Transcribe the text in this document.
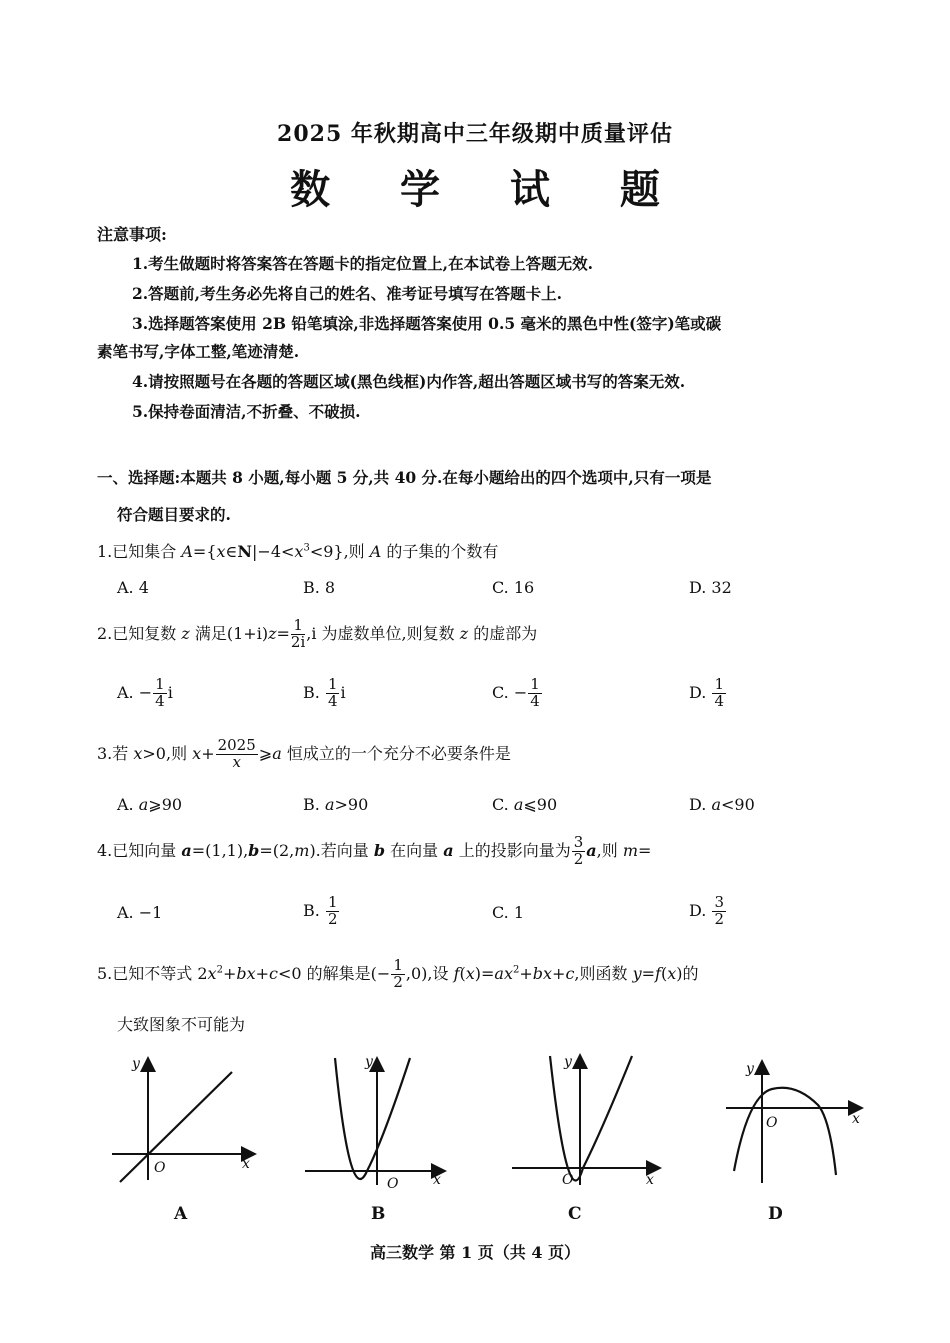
2025 年秋期高中三年级期中质量评估
数 学 试 题
注意事项:
1.考生做题时将答案答在答题卡的指定位置上,在本试卷上答题无效.
2.答题前,考生务必先将自己的姓名、准考证号填写在答题卡上.
3.选择题答案使用 2B 铅笔填涂,非选择题答案使用 0.5 毫米的黑色中性(签字)笔或碳
素笔书写,字体工整,笔迹清楚.
4.请按照题号在各题的答题区域(黑色线框)内作答,超出答题区域书写的答案无效.
5.保持卷面清洁,不折叠、不破损.
一、选择题:本题共 8 小题,每小题 5 分,共 40 分.在每小题给出的四个选项中,只有一项是
符合题目要求的.
1.已知集合 $A=\{x\in N|-4<x^3<9\}$,则 A 的子集的个数有
A. 4	B. 8	C. 16	D. 32
2.已知复数 z 满足$(1+i)z= \frac{1}{2i} ,i$ 为虚数单位,则复数 z 的虚部为
A. − $\frac{1}{4}$ i	B. $\frac{1}{4}$ i	C. − $\frac{1}{4}$	D. $\frac{1}{4}$
3.若 x>0,则 $x+ \frac{2025}{x}$ ⩾a 恒成立的一个充分不必要条件是
A. a⩾90	B. a>90	C. a⩽90	D. a<90
4.已知向量 a=(1,1),b=(2,m).若向量 b 在向量 a 上的投影向量为 $\frac{3}{2} a$,则 m=
A. −1	B. $\frac{1}{2}$	C. 1	D. $\frac{3}{2}$
5.已知不等式 $2x^2+bx+c<0$ 的解集是(− $\frac{1}{2} ,0$),设 $f(x)=ax^2+bx+c$,则函数 y=f(x)的
大致图象不可能为
y
x
O
A
y
x
O
B
y
x
O
C
y
x
O
D
高三数学 第 1 页（共 4 页）
